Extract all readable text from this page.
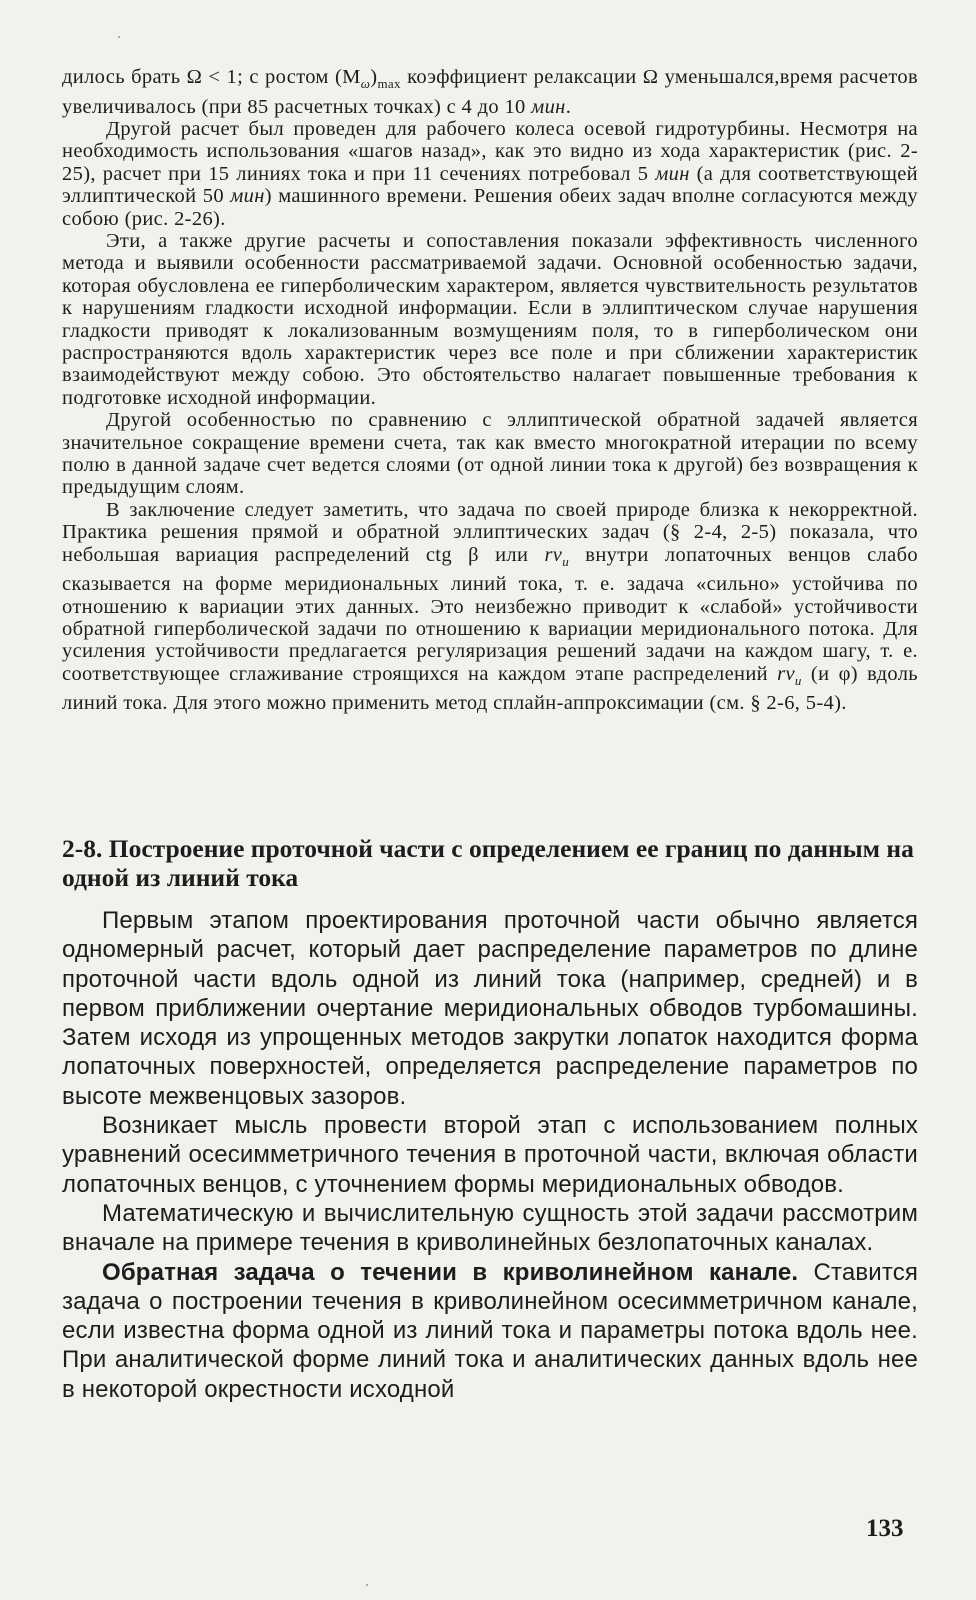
дилось брать Ω < 1; с ростом $(M_\omega)_{max}$ коэффициент релаксации Ω уменьшался,время расчетов увеличивалось (при 85 расчетных точках) с 4 до 10 мин.

Другой расчет был проведен для рабочего колеса осевой гидротурбины. Несмотря на необходимость использования «шагов назад», как это видно из хода характеристик (рис. 2-25), расчет при 15 линиях тока и при 11 сечениях потребовал 5 мин (а для соответствующей эллиптической 50 мин) машинного времени. Решения обеих задач вполне согласуются между собою (рис. 2-26).

Эти, а также другие расчеты и сопоставления показали эффективность численного метода и выявили особенности рассматриваемой задачи. Основной особенностью задачи, которая обусловлена ее гиперболическим характером, является чувствительность результатов к нарушениям гладкости исходной информации. Если в эллиптическом случае нарушения гладкости приводят к локализованным возмущениям поля, то в гиперболическом они распространяются вдоль характеристик через все поле и при сближении характеристик взаимодействуют между собою. Это обстоятельство налагает повышенные требования к подготовке исходной информации.

Другой особенностью по сравнению с эллиптической обратной задачей является значительное сокращение времени счета, так как вместо многократной итерации по всему полю в данной задаче счет ведется слоями (от одной линии тока к другой) без возвращения к предыдущим слоям.

В заключение следует заметить, что задача по своей природе близка к некорректной. Практика решения прямой и обратной эллиптических задач (§ 2-4, 2-5) показала, что небольшая вариация распределений ctg β или $rv_u$ внутри лопаточных венцов слабо сказывается на форме меридиональных линий тока, т. е. задача «сильно» устойчива по отношению к вариации этих данных. Это неизбежно приводит к «слабой» устойчивости обратной гиперболической задачи по отношению к вариации меридионального потока. Для усиления устойчивости предлагается регуляризация решений задачи на каждом шагу, т. е. соответствующее сглаживание строящихся на каждом этапе распределений $rv_u$ (и φ) вдоль линий тока. Для этого можно применить метод сплайн-аппроксимации (см. § 2-6, 5-4).

2-8. Построение проточной части с определением ее границ по данным на одной из линий тока

Первым этапом проектирования проточной части обычно является одномерный расчет, который дает распределение параметров по длине проточной части вдоль одной из линий тока (например, средней) и в первом приближении очертание меридиональных обводов турбомашины. Затем исходя из упрощенных методов закрутки лопаток находится форма лопаточных поверхностей, определяется распределение параметров по высоте межвенцовых зазоров.

Возникает мысль провести второй этап с использованием полных уравнений осесимметричного течения в проточной части, включая области лопаточных венцов, с уточнением формы меридиональных обводов.

Математическую и вычислительную сущность этой задачи рассмотрим вначале на примере течения в криволинейных безлопаточных каналах.

Обратная задача о течении в криволинейном канале. Ставится задача о построении течения в криволинейном осесимметричном канале, если известна форма одной из линий тока и параметры потока вдоль нее. При аналитической форме линий тока и аналитических данных вдоль нее в некоторой окрестности исходной

133
